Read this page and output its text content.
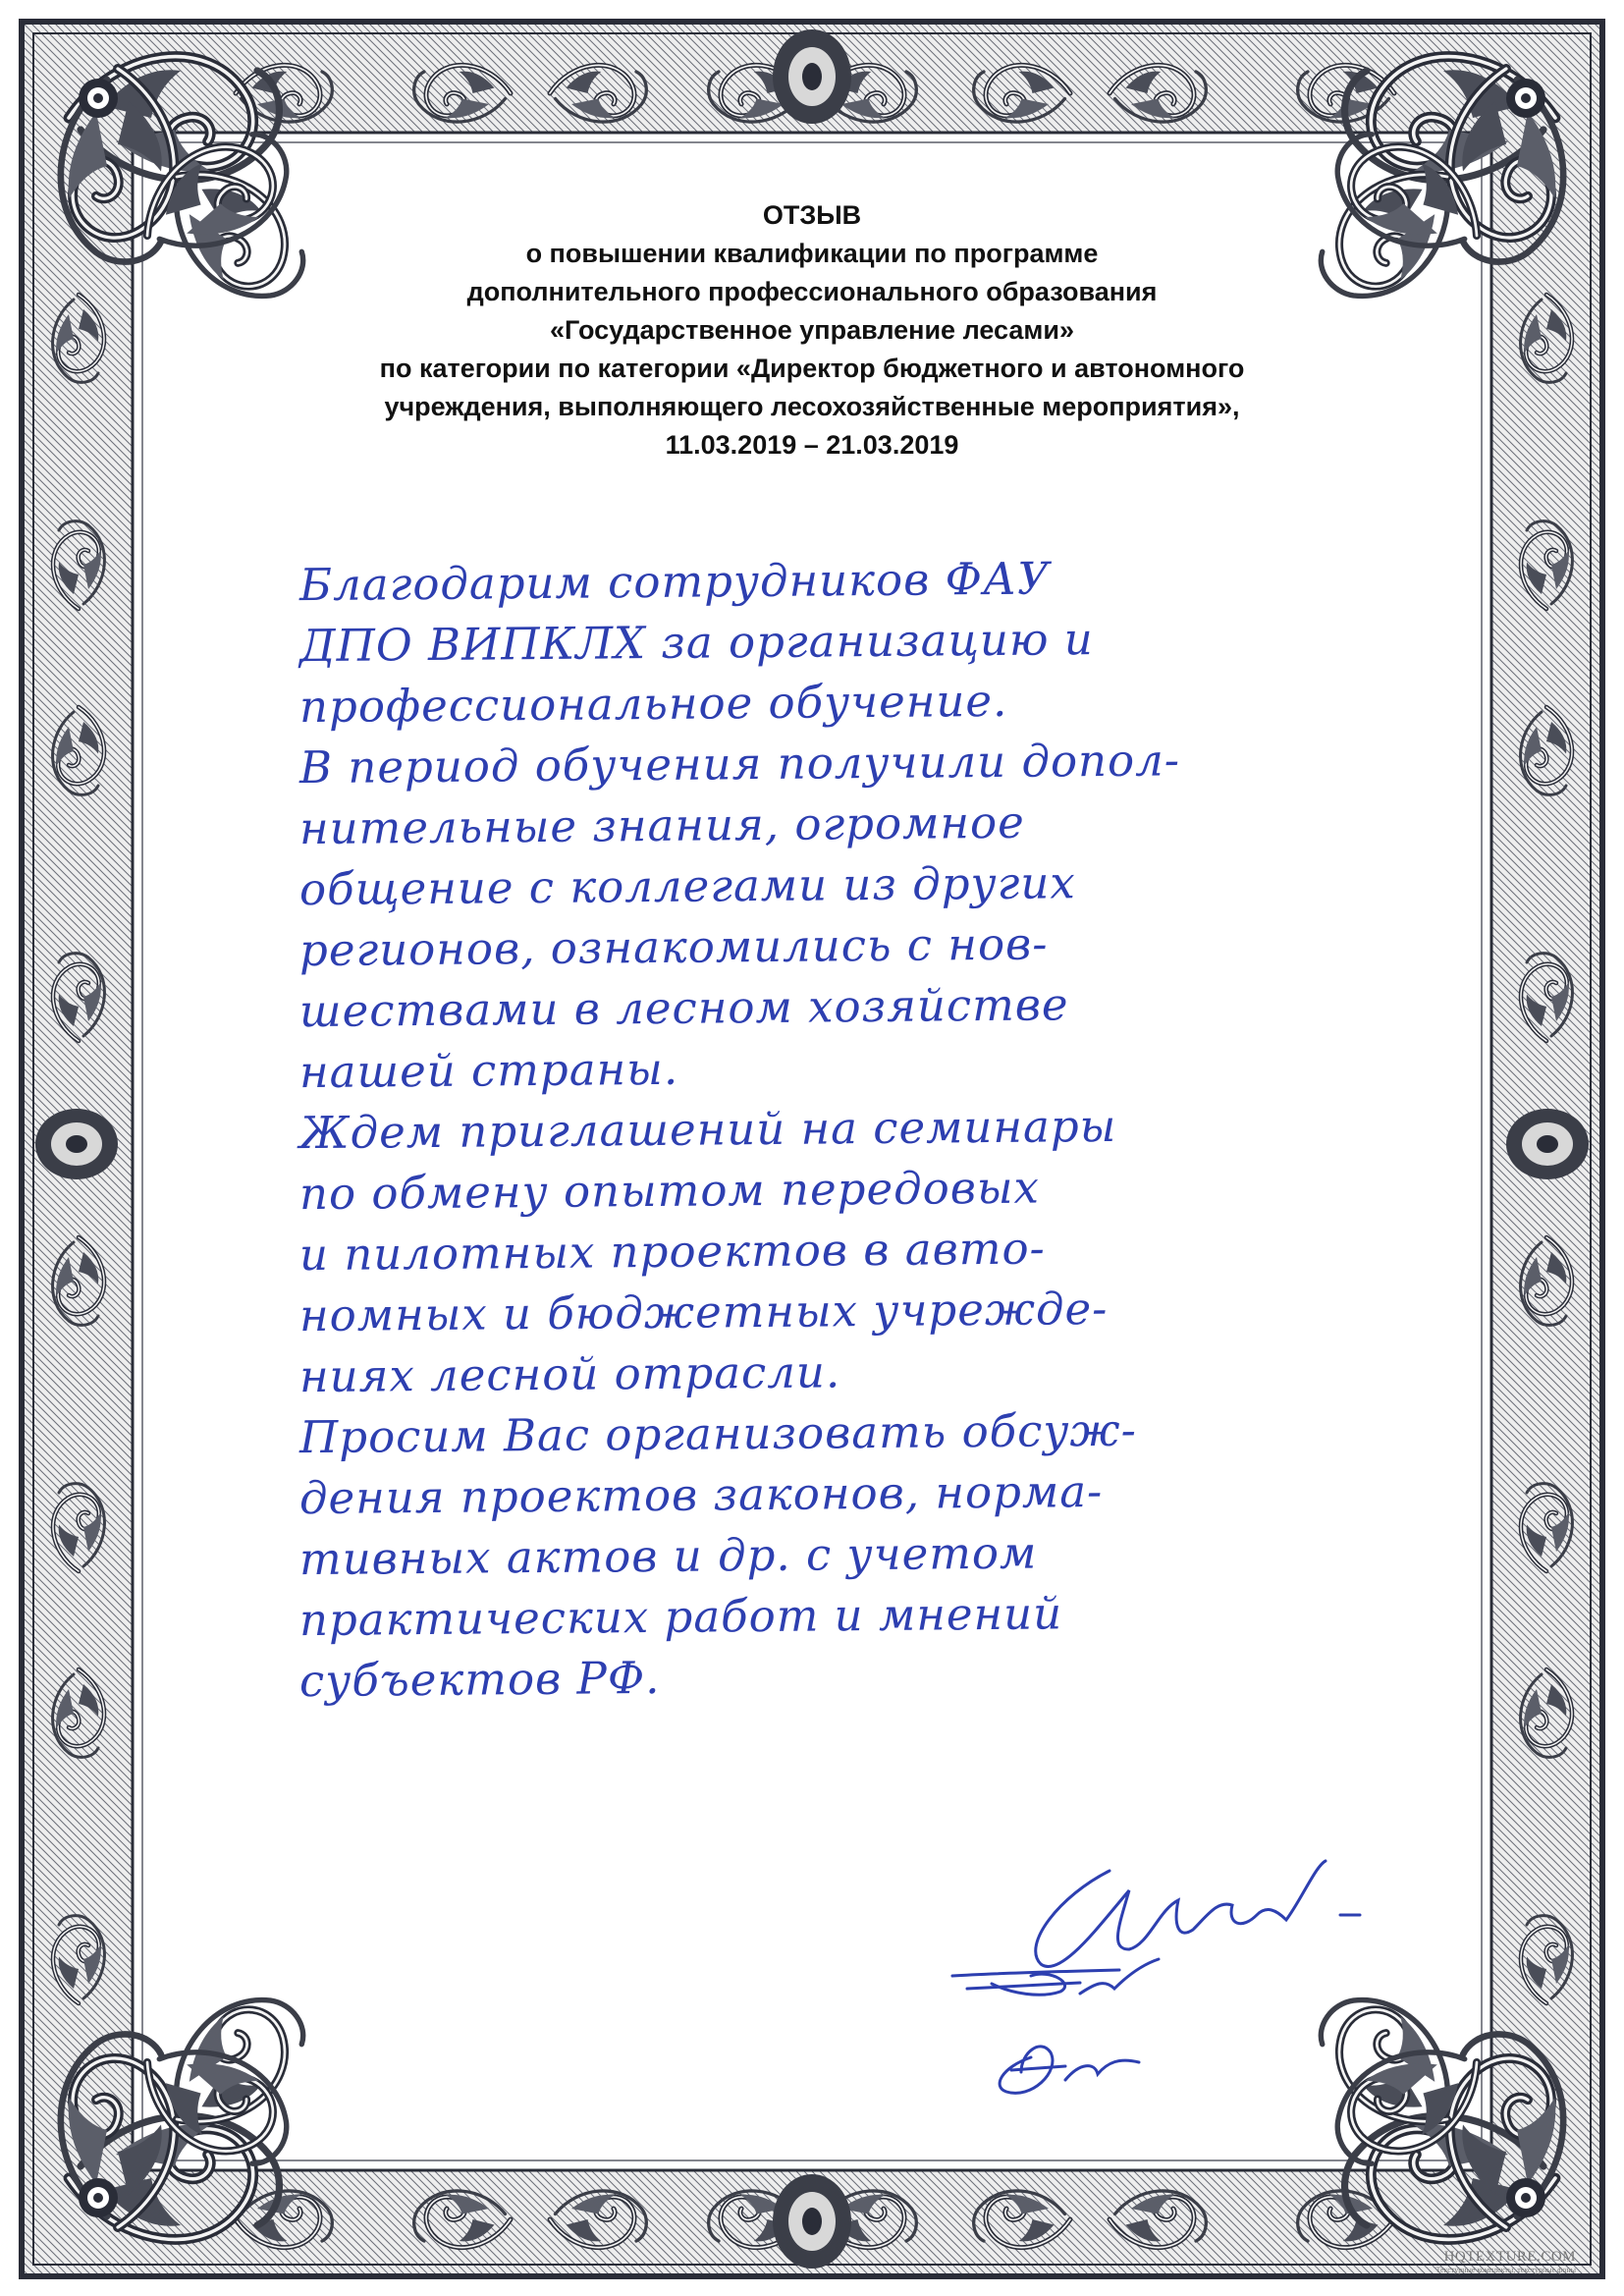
ОТЗЫВ
о повышении квалификации по программе
дополнительного профессионального образования
«Государственное управление лесами»
по категории по категории «Директор бюджетного и автономного
учреждения, выполняющего лесохозяйственные мероприятия»,
11.03.2019 – 21.03.2019
Благодарим сотрудников ФАУ
ДПО ВИПКЛХ за организацию и
профессиональное обучение.
В период обучения получили допол-
нительные знания, огромное
общение с коллегами из других
регионов, ознакомились с нов-
шествами в лесном хозяйстве
нашей страны.
Ждем приглашений на семинары
по обмену опытом передовых
и пилотных проектов в авто-
номных и бюджетных учрежде-
ниях лесной отрасли.
Просим Вас организовать обсуж-
дения проектов законов, норма-
тивных актов и др. с учетом
практических работ и мнений
субъектов РФ.
HQTEXTURE.COM
Текстурные комплекты, текстурные фоны
